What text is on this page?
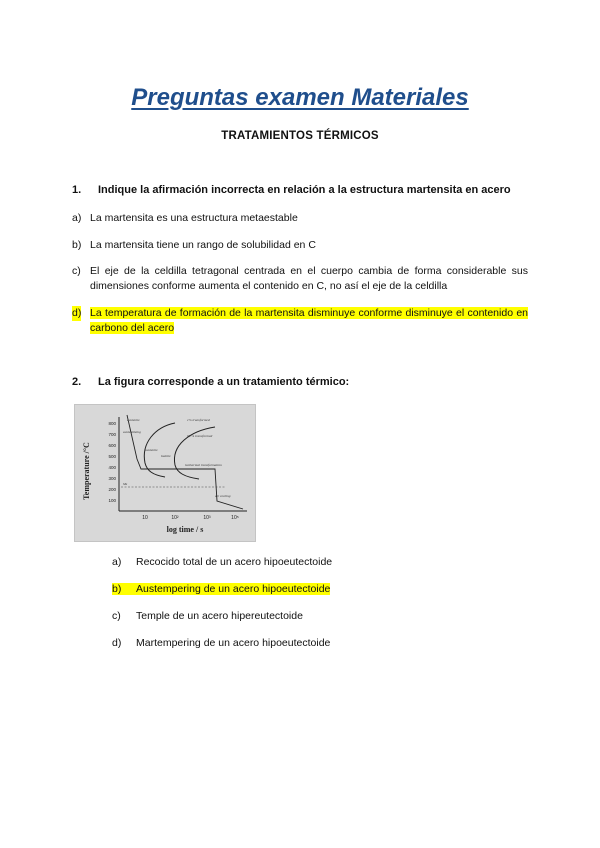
Preguntas examen Materiales
TRATAMIENTOS TÉRMICOS
1. Indique la afirmación incorrecta en relación a la estructura martensita en acero
a) La martensita es una estructura metaestable
b) La martensita tiene un rango de solubilidad en C
c) El eje de la celdilla tetragonal centrada en el cuerpo cambia de forma considerable sus dimensiones conforme aumenta el contenido en C, no así el eje de la celdilla
d) La temperatura de formación de la martensita disminuye conforme disminuye el contenido en carbono del acero
2. La figura corresponde a un tratamiento térmico:
Temperature /°C
800
700
600
500
400
300
200
100
10	10²	10³	10⁵
log time / s
austenite	1% transformed
99 % transformed
austenitizing
austenite
bainite
isothermal transformation
Ms
air cooling
a) Recocido total de un acero hipoeutectoide
b) Austempering de un acero hipoeutectoide
c) Temple de un acero hipereutectoide
d) Martempering de un acero hipoeutectoide
